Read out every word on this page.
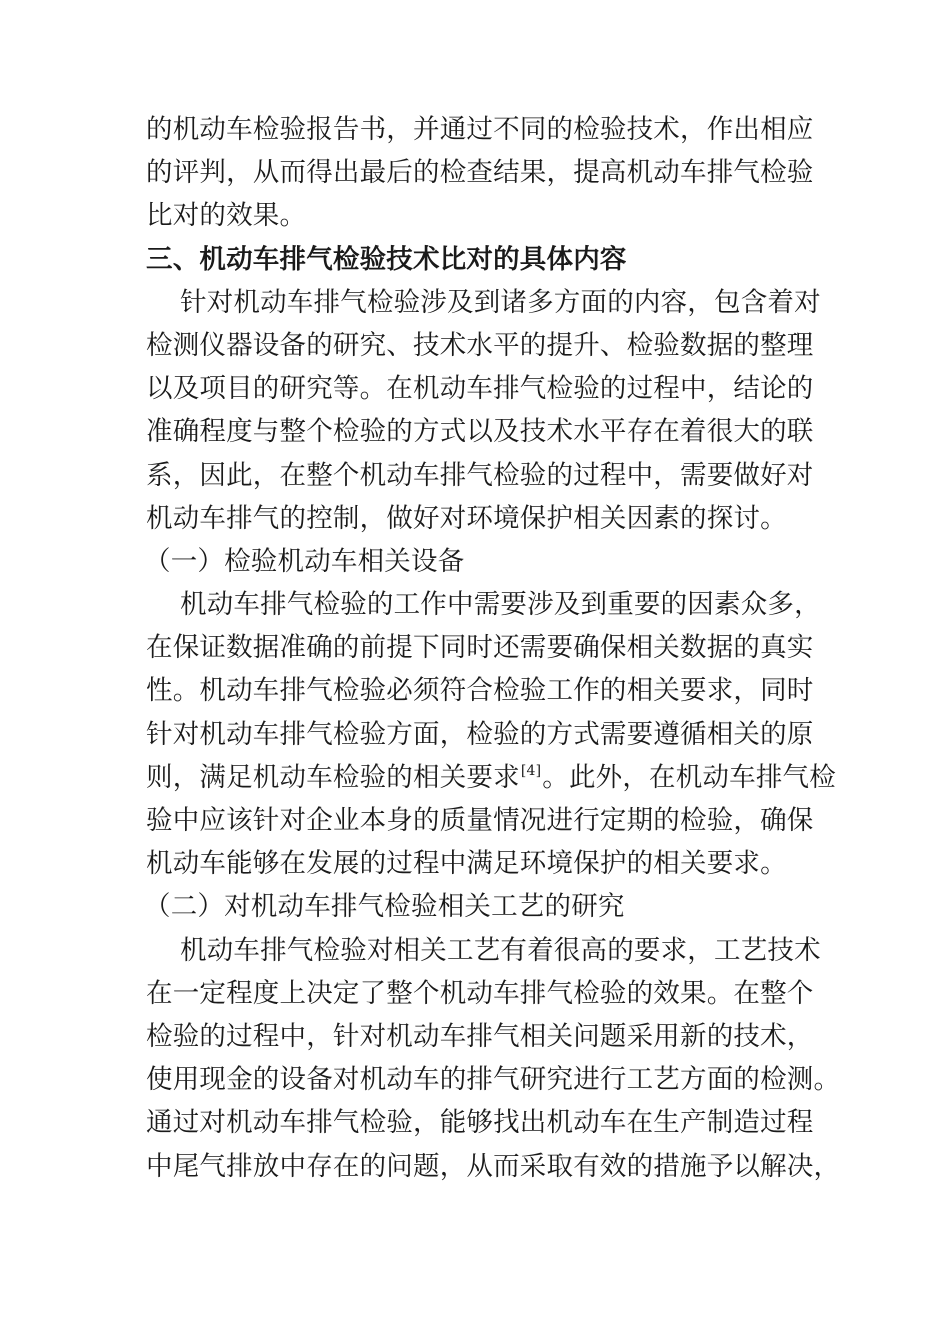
的机动车检验报告书，并通过不同的检验技术，作出相应
的评判，从而得出最后的检查结果，提高机动车排气检验
比对的效果。
三、机动车排气检验技术比对的具体内容
针对机动车排气检验涉及到诸多方面的内容，包含着对
检测仪器设备的研究、技术水平的提升、检验数据的整理
以及项目的研究等。在机动车排气检验的过程中，结论的
准确程度与整个检验的方式以及技术水平存在着很大的联
系，因此，在整个机动车排气检验的过程中，需要做好对
机动车排气的控制，做好对环境保护相关因素的探讨。
（一）检验机动车相关设备
机动车排气检验的工作中需要涉及到重要的因素众多，
在保证数据准确的前提下同时还需要确保相关数据的真实
性。机动车排气检验必须符合检验工作的相关要求，同时
针对机动车排气检验方面，检验的方式需要遵循相关的原
则，满足机动车检验的相关要求[4]。此外，在机动车排气检
验中应该针对企业本身的质量情况进行定期的检验，确保
机动车能够在发展的过程中满足环境保护的相关要求。
（二）对机动车排气检验相关工艺的研究
机动车排气检验对相关工艺有着很高的要求，工艺技术
在一定程度上决定了整个机动车排气检验的效果。在整个
检验的过程中，针对机动车排气相关问题采用新的技术，
使用现金的设备对机动车的排气研究进行工艺方面的检测。
通过对机动车排气检验，能够找出机动车在生产制造过程
中尾气排放中存在的问题，从而采取有效的措施予以解决，
